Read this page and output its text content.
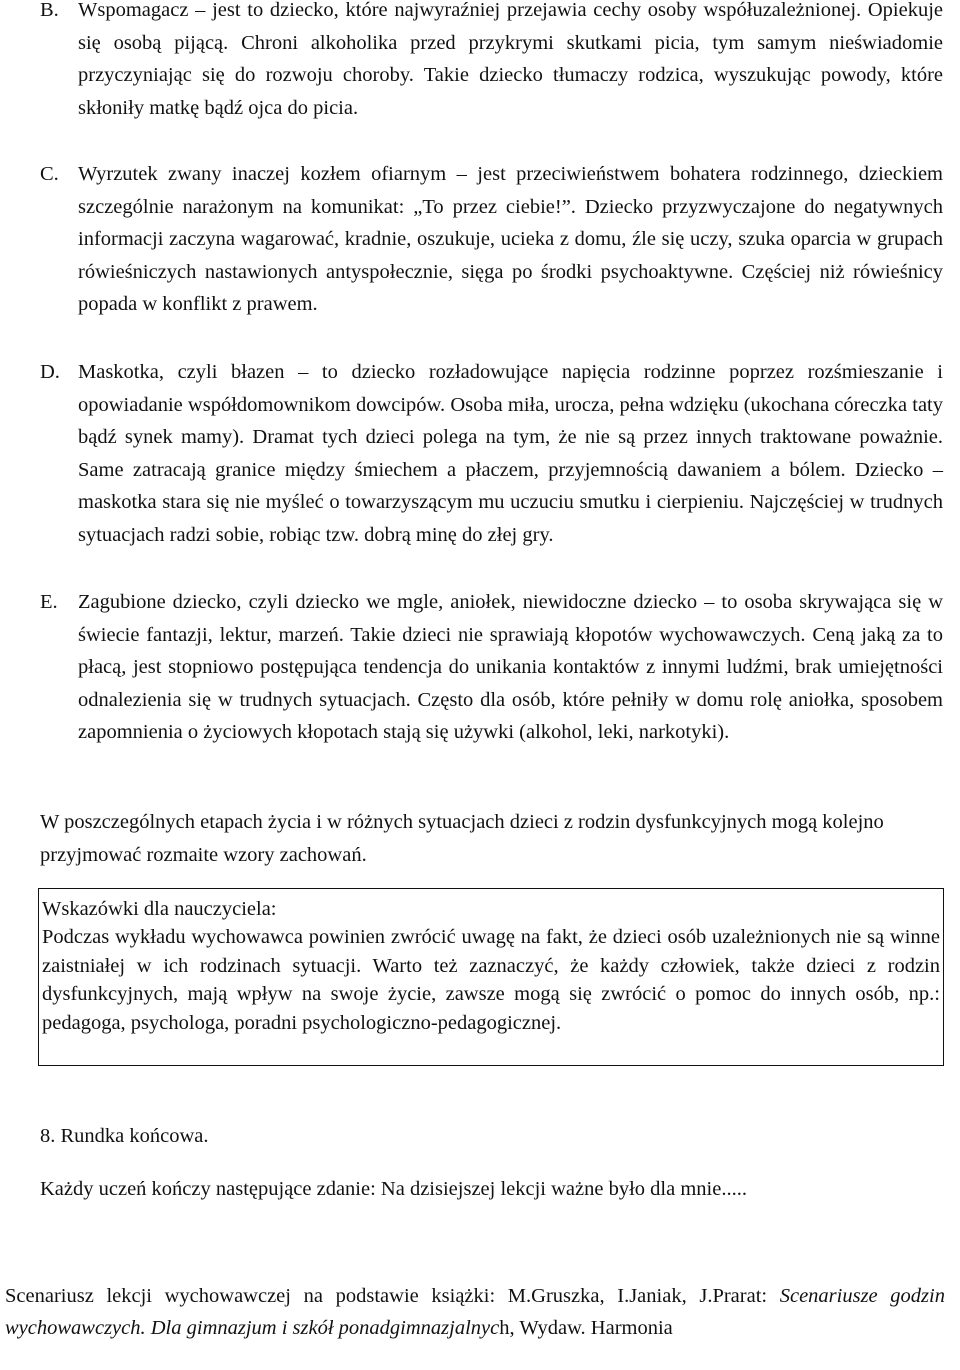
B. Wspomagacz – jest to dziecko, które najwyraźniej przejawia cechy osoby współuzależnionej. Opiekuje się osobą pijącą. Chroni alkoholika przed przykrymi skutkami picia, tym samym nieświadomie przyczyniając się do rozwoju choroby. Takie dziecko tłumaczy rodzica, wyszukując powody, które skłoniły matkę bądź ojca do picia.

C. Wyrzutek zwany inaczej kozłem ofiarnym – jest przeciwieństwem bohatera rodzinnego, dzieckiem szczególnie narażonym na komunikat: „To przez ciebie!”. Dziecko przyzwyczajone do negatywnych informacji zaczyna wagarować, kradnie, oszukuje, ucieka z domu, źle się uczy, szuka oparcia w grupach rówieśniczych nastawionych antyspołecznie, sięga po środki psychoaktywne. Częściej niż rówieśnicy popada w konflikt z prawem.

D. Maskotka, czyli błazen – to dziecko rozładowujące napięcia rodzinne poprzez rozśmieszanie i opowiadanie współdomownikom dowcipów. Osoba miła, urocza, pełna wdzięku (ukochana córeczka taty bądź synek mamy). Dramat tych dzieci polega na tym, że nie są przez innych traktowane poważnie. Same zatracają granice między śmiechem a płaczem, przyjemnością dawaniem a bólem. Dziecko – maskotka stara się nie myśleć o towarzyszącym mu uczuciu smutku i cierpieniu. Najczęściej w trudnych sytuacjach radzi sobie, robiąc tzw. dobrą minę do złej gry.

E. Zagubione dziecko, czyli dziecko we mgle, aniołek, niewidoczne dziecko – to osoba skrywająca się w świecie fantazji, lektur, marzeń. Takie dzieci nie sprawiają kłopotów wychowawczych. Ceną jaką za to płacą, jest stopniowo postępująca tendencja do unikania kontaktów z innymi ludźmi, brak umiejętności odnalezienia się w trudnych sytuacjach. Często dla osób, które pełniły w domu rolę aniołka, sposobem zapomnienia o życiowych kłopotach stają się używki (alkohol, leki, narkotyki).

W poszczególnych etapach życia i w różnych sytuacjach dzieci z rodzin dysfunkcyjnych mogą kolejno przyjmować rozmaite wzory zachowań.

Wskazówki dla nauczyciela:

Podczas wykładu wychowawca powinien zwrócić uwagę na fakt, że dzieci osób uzależnionych nie są winne zaistniałej w ich rodzinach sytuacji. Warto też zaznaczyć, że każdy człowiek, także dzieci z rodzin dysfunkcyjnych, mają wpływ na swoje życie, zawsze mogą się zwrócić o pomoc do innych osób, np.: pedagoga, psychologa, poradni psychologiczno-pedagogicznej.

8. Rundka końcowa.

Każdy uczeń kończy następujące zdanie: Na dzisiejszej lekcji ważne było dla mnie.....

Scenariusz lekcji wychowawczej na podstawie książki: M.Gruszka, I.Janiak, J.Prarat: Scenariusze godzin wychowawczych. Dla gimnazjum i szkół ponadgimnazjalnych, Wydaw. Harmonia
